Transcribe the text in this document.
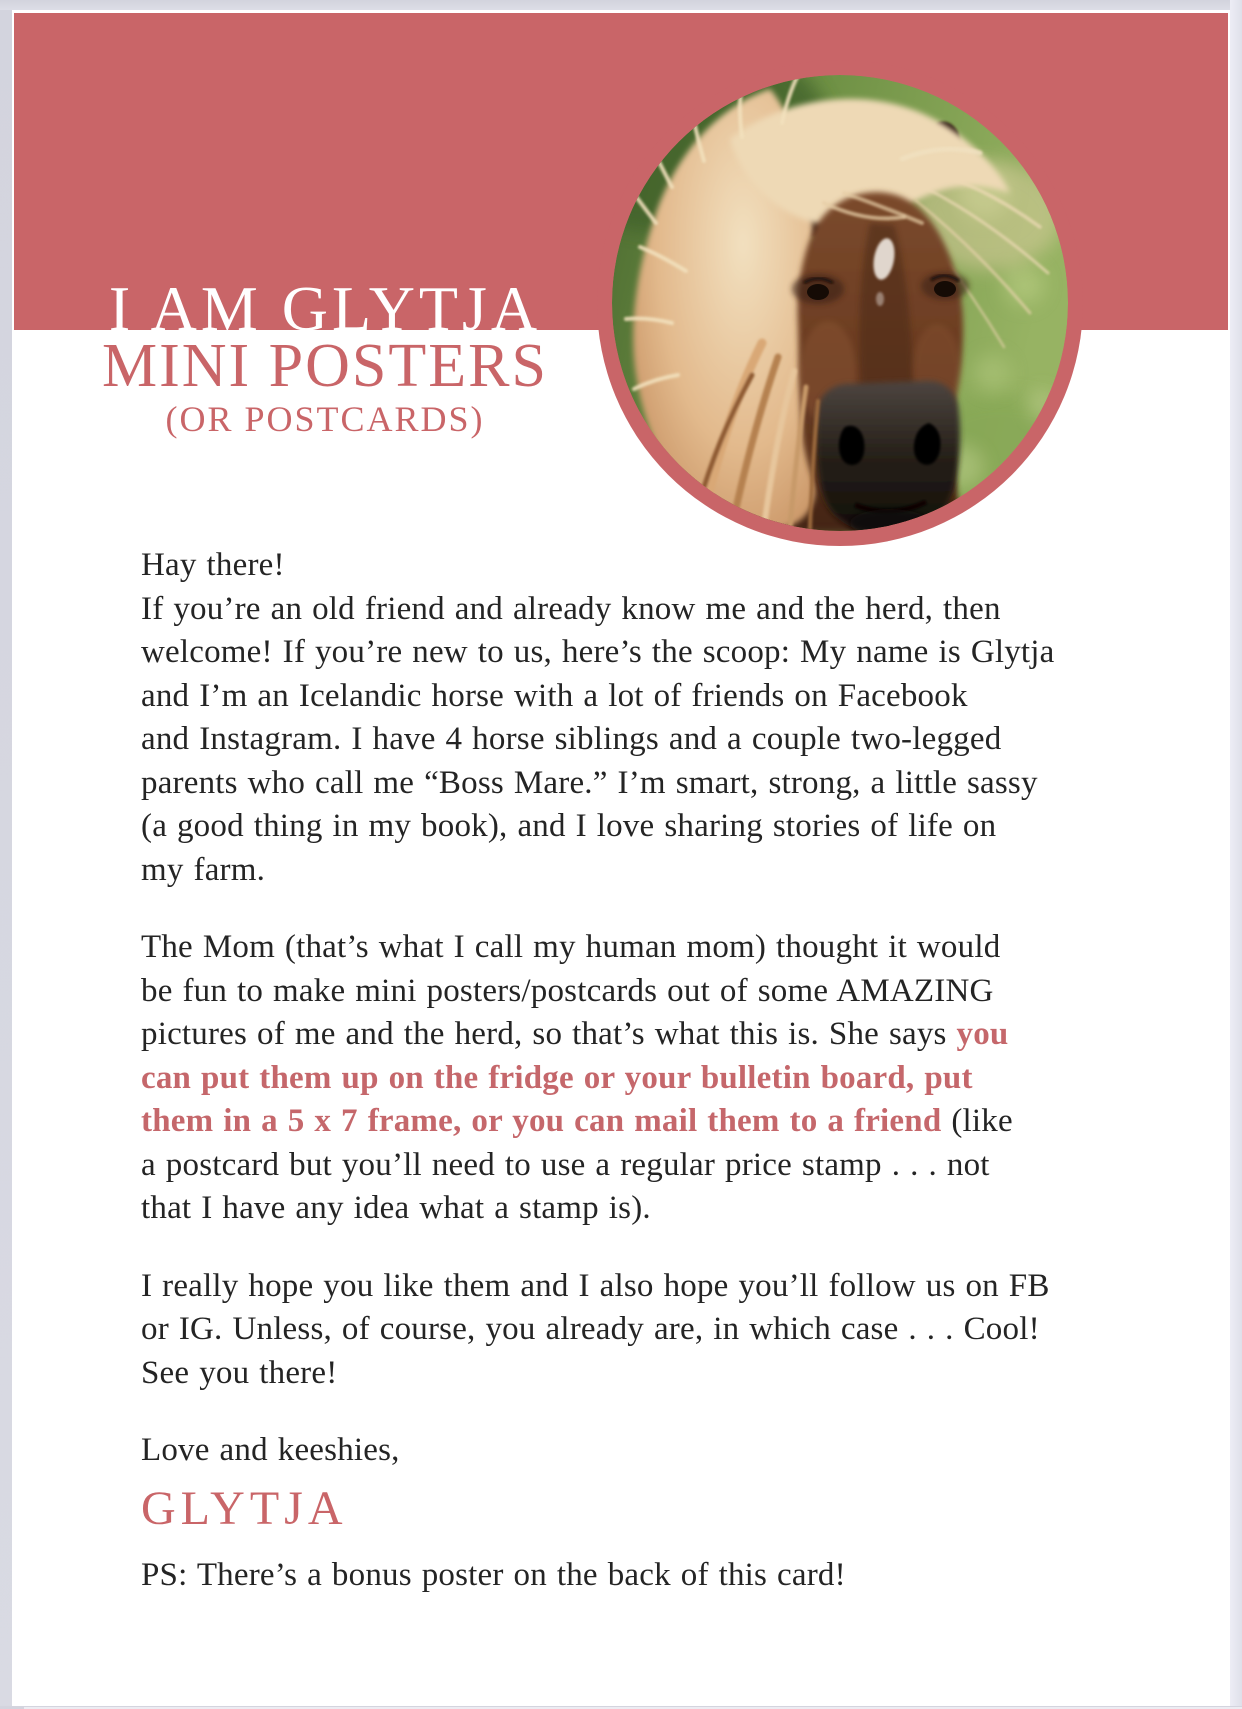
I AM GLYTJA
MINI POSTERS
(OR POSTCARDS)
Hay there!
If you’re an old friend and already know me and the herd, then
welcome! If you’re new to us, here’s the scoop: My name is Glytja
and I’m an Icelandic horse with a lot of friends on Facebook
and Instagram. I have 4 horse siblings and a couple two-legged
parents who call me “Boss Mare.” I’m smart, strong, a little sassy
(a good thing in my book), and I love sharing stories of life on
my farm.
The Mom (that’s what I call my human mom) thought it would
be fun to make mini posters/postcards out of some AMAZING
pictures of me and the herd, so that’s what this is. She says you
can put them up on the fridge or your bulletin board, put
them in a 5 x 7 frame, or you can mail them to a friend (like
a postcard but you’ll need to use a regular price stamp . . . not
that I have any idea what a stamp is).
I really hope you like them and I also hope you’ll follow us on FB
or IG. Unless, of course, you already are, in which case . . . Cool!
See you there!
Love and keeshies,
GLYTJA
PS: There’s a bonus poster on the back of this card!
